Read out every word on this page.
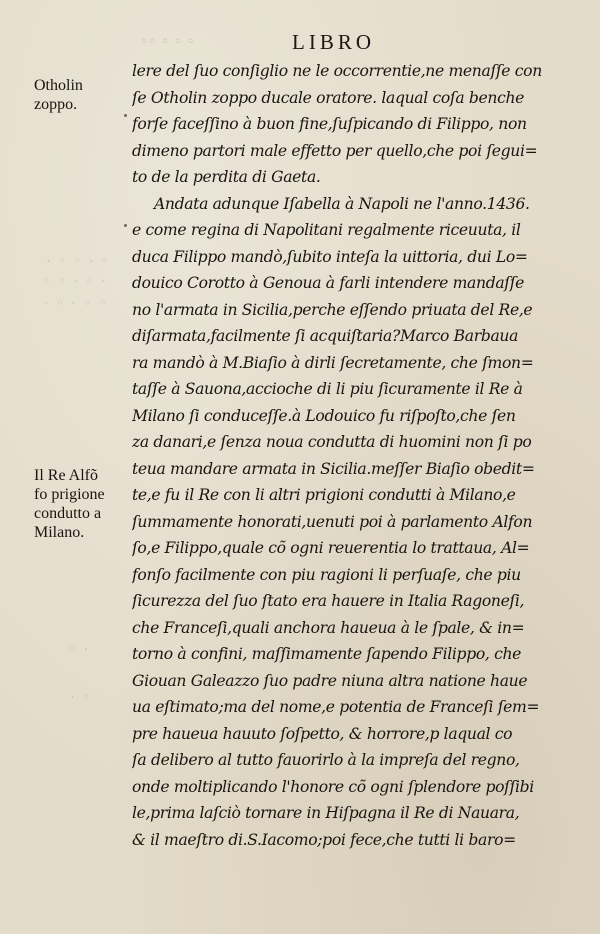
◦◦ ◦ ◦ ◦
· ◦ ◦ · ◦
◦ ◦ · ◦ ·
· ◦ · ◦ ◦
◦ ·
· ◦
LIBRO
Otholin
zoppo.
Il Re Alfõ
fo prigione
condutto a
Milano.
lere del ſuo conſiglio ne le occorrentie,ne menaſſe con
ſe Otholin zoppo ducale oratore. laqual coſa benche
forſe faceſſino à buon fine,ſuſpicando di Filippo, non
dimeno partori male effetto per quello,che poi ſegui=
to de la perdita di Gaeta.
Andata adunque Iſabella à Napoli ne l'anno.1436.
e come regina di Napolitani regalmente riceuuta, il
duca Filippo mandò,ſubito inteſa la uittoria, dui Lo=
douico Corotto à Genoua à farli intendere mandaſſe
no l'armata in Sicilia,perche eſſendo priuata del Re,e
diſarmata,facilmente ſi acquiſtaria?Marco Barbaua
ra mandò à M.Biaſio à dirli ſecretamente, che ſmon=
taſſe à Sauona,accioche di li piu ſicuramente il Re à
Milano ſi conduceſſe.à Lodouico fu riſpoſto,che ſen
za danari,e ſenza noua condutta di huomini non ſi po
teua mandare armata in Sicilia.meſſer Biaſio obedit=
te,e fu il Re con li altri prigioni condutti à Milano,e
ſummamente honorati,uenuti poi à parlamento Alfon
ſo,e Filippo,quale cõ ogni reuerentia lo trattaua, Al=
fonſo facilmente con piu ragioni li perſuaſe, che piu
ſicurezza del ſuo ſtato era hauere in Italia Ragoneſi,
che Franceſi,quali anchora haueua à le ſpale, & in=
torno à confini, maſſimamente ſapendo Filippo, che
Giouan Galeazzo ſuo padre niuna altra natione haue
ua eſtimato;ma del nome,e potentia de Franceſi ſem=
pre haueua hauuto ſoſpetto, & horrore,p laqual co
ſa delibero al tutto fauorirlo à la impreſa del regno,
onde moltiplicando l'honore cõ ogni ſplendore poſſibi
le,prima laſciò tornare in Hiſpagna il Re di Nauara,
& il maeſtro di.S.Iacomo;poi fece,che tutti li baro=
